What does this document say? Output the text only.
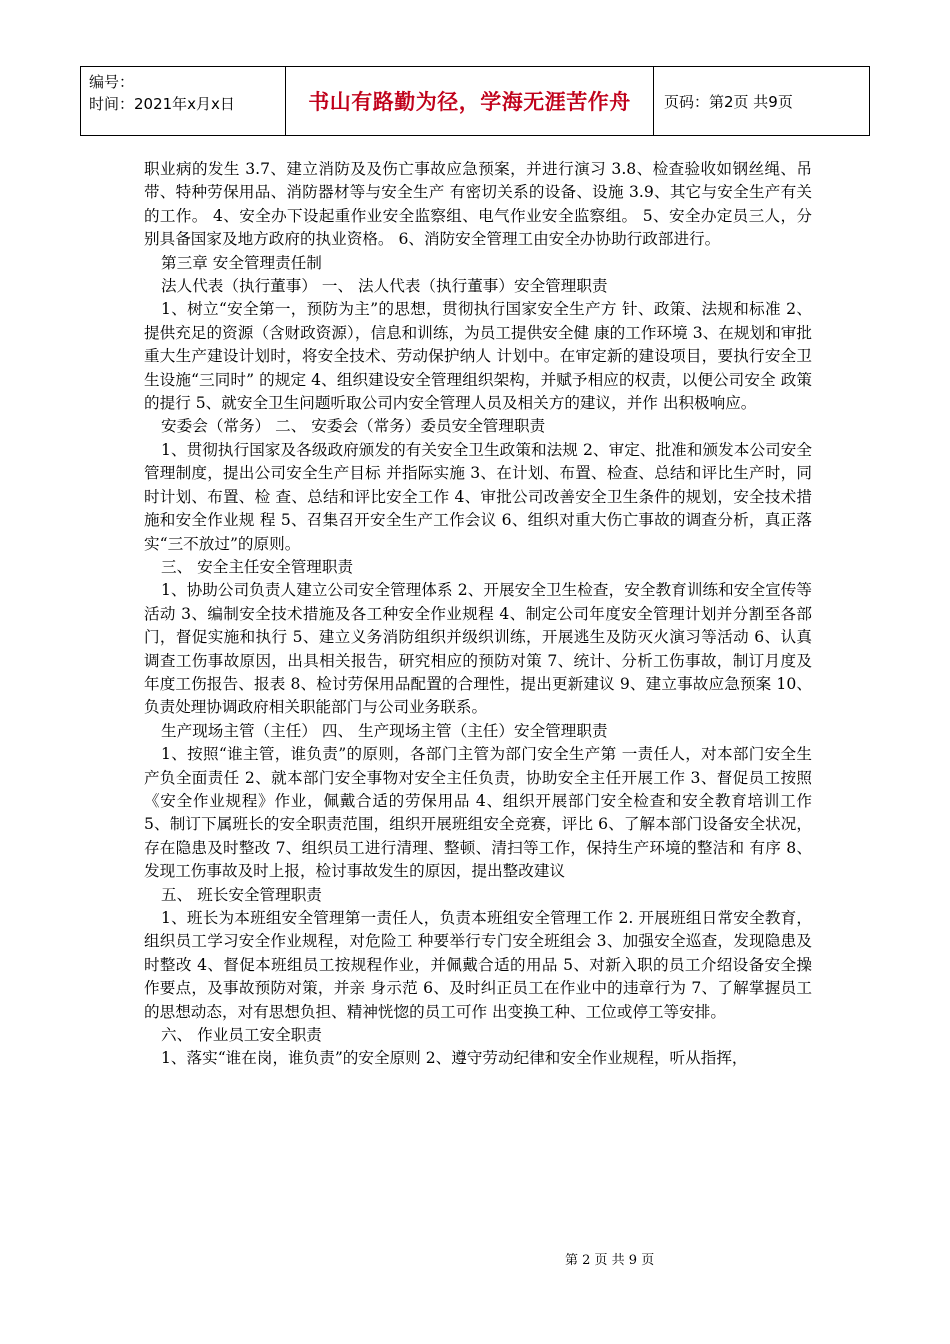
编号：
时间：2021年x月x日	书山有路勤为径，学海无涯苦作舟	页码：第2页 共9页

职业病的发生 3.7、建立消防及及伤亡事故应急预案，并进行演习 3.8、检查验收如钢丝绳、吊带、特种劳保用品、消防器材等与安全生产 有密切关系的设备、设施 3.9、其它与安全生产有关的工作。 4、安全办下设起重作业安全监察组、电气作业安全监察组。 5、安全办定员三人，分别具备国家及地方政府的执业资格。 6、消防安全管理工由安全办协助行政部进行。

第三章 安全管理责任制

法人代表（执行董事） 一、 法人代表（执行董事）安全管理职责

1、树立“安全第一，预防为主”的思想，贯彻执行国家安全生产方 针、政策、法规和标准 2、提供充足的资源（含财政资源），信息和训练，为员工提供安全健 康的工作环境 3、在规划和审批重大生产建设计划时，将安全技术、劳动保护纳人 计划中。在审定新的建设项目，要执行安全卫生设施“三同时” 的规定 4、组织建设安全管理组织架构，并赋予相应的权责，以便公司安全 政策的提行 5、就安全卫生问题听取公司内安全管理人员及相关方的建议，并作 出积极响应。

安委会（常务） 二、 安委会（常务）委员安全管理职责

1、贯彻执行国家及各级政府颁发的有关安全卫生政策和法规 2、审定、批准和颁发本公司安全管理制度，提出公司安全生产目标 并指际实施 3、在计划、布置、检查、总结和评比生产时，同时计划、布置、检 查、总结和评比安全工作 4、审批公司改善安全卫生条件的规划，安全技术措施和安全作业规 程 5、召集召开安全生产工作会议 6、组织对重大伤亡事故的调查分析，真正落实“三不放过”的原则。

三、 安全主任安全管理职责

1、协助公司负责人建立公司安全管理体系 2、开展安全卫生检查，安全教育训练和安全宣传等活动 3、编制安全技术措施及各工种安全作业规程 4、制定公司年度安全管理计划并分割至各部门，督促实施和执行 5、建立义务消防组织并级织训练，开展逃生及防灭火演习等活动 6、认真调查工伤事故原因，出具相关报告，研究相应的预防对策 7、统计、分析工伤事故，制订月度及年度工伤报告、报表 8、检讨劳保用品配置的合理性，提出更新建议 9、建立事故应急预案 10、 负责处理协调政府相关职能部门与公司业务联系。

生产现场主管（主任） 四、 生产现场主管（主任）安全管理职责

1、按照“谁主管，谁负责”的原则，各部门主管为部门安全生产第 一责任人，对本部门安全生产负全面责任 2、就本部门安全事物对安全主任负责，协助安全主任开展工作 3、督促员工按照《安全作业规程》作业，佩戴合适的劳保用品 4、组织开展部门安全检查和安全教育培训工作 5、制订下属班长的安全职责范围，组织开展班组安全竞赛，评比 6、了解本部门设备安全状况，存在隐患及时整改 7、组织员工进行清理、整顿、清扫等工作，保持生产环境的整洁和 有序 8、发现工伤事故及时上报，检讨事故发生的原因，提出整改建议

五、 班长安全管理职责

1、班长为本班组安全管理第一责任人，负责本班组安全管理工作 2. 开展班组日常安全教育，组织员工学习安全作业规程，对危险工 种要举行专门安全班组会 3、加强安全巡查，发现隐患及时整改 4、督促本班组员工按规程作业，并佩戴合适的用品 5、对新入职的员工介绍设备安全操作要点，及事故预防对策，并亲 身示范 6、及时纠正员工在作业中的违章行为 7、了解掌握员工的思想动态，对有思想负担、精神恍惚的员工可作 出变换工种、工位或停工等安排。

六、 作业员工安全职责

1、落实“谁在岗，谁负责”的安全原则 2、遵守劳动纪律和安全作业规程，听从指挥，

第 2 页 共 9 页
